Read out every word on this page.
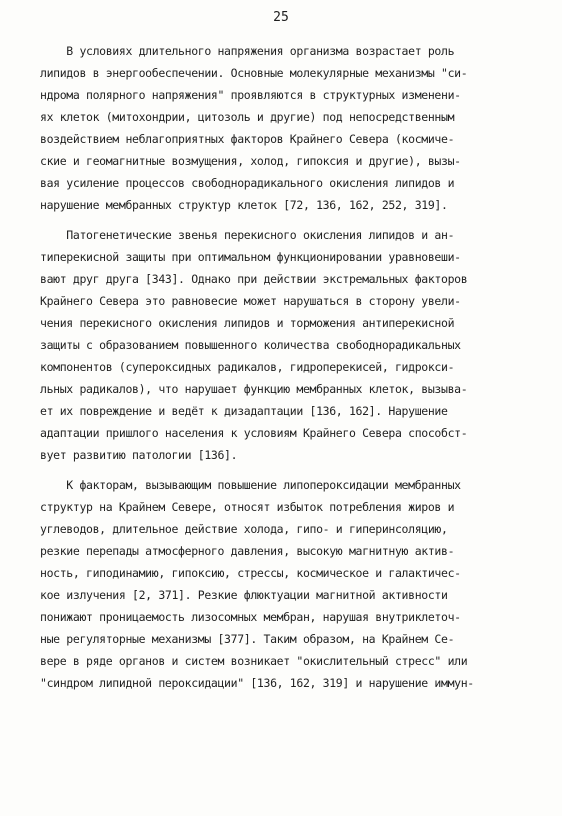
25
В условиях длительного напряжения организма возрастает роль
липидов в энергообеспечении. Основные молекулярные механизмы "си-
ндрома полярного напряжения" проявляются в структурных изменени-
ях клеток (митохондрии, цитозоль и другие) под непосредственным
воздействием неблагоприятных факторов Крайнего Севера (космиче-
ские и геомагнитные возмущения, холод, гипоксия и другие), вызы-
вая усиление процессов свободнорадикального окисления липидов и
нарушение мембранных структур клеток [72, 136, 162, 252, 319].
Патогенетические звенья перекисного окисления липидов и ан-
типерекисной защиты при оптимальном функционировании уравновеши-
вают друг друга [343]. Однако при действии экстремальных факторов
Крайнего Севера это равновесие может нарушаться в сторону увели-
чения перекисного окисления липидов и торможения антиперекисной
защиты с образованием повышенного количества свободнорадикальных
компонентов (супероксидных радикалов, гидроперекисей, гидрокси-
льных радикалов), что нарушает функцию мембранных клеток, вызыва-
ет их повреждение и ведёт к дизадаптации [136, 162]. Нарушение
адаптации пришлого населения к условиям Крайнего Севера способст-
вует развитию патологии [136].
К факторам, вызывающим повышение липопероксидации мембранных
структур на Крайнем Севере, относят избыток потребления жиров и
углеводов, длительное действие холода, гипо- и гиперинсоляцию,
резкие перепады атмосферного давления, высокую магнитную актив-
ность, гиподинамию, гипоксию, стрессы, космическое и галактичес-
кое излучения [2, 371]. Резкие флюктуации магнитной активности
понижают проницаемость лизосомных мембран, нарушая внутриклеточ-
ные регуляторные механизмы [377]. Таким образом, на Крайнем Се-
вере в ряде органов и систем возникает "окислительный стресс" или
"синдром липидной пероксидации" [136, 162, 319] и нарушение иммун-
